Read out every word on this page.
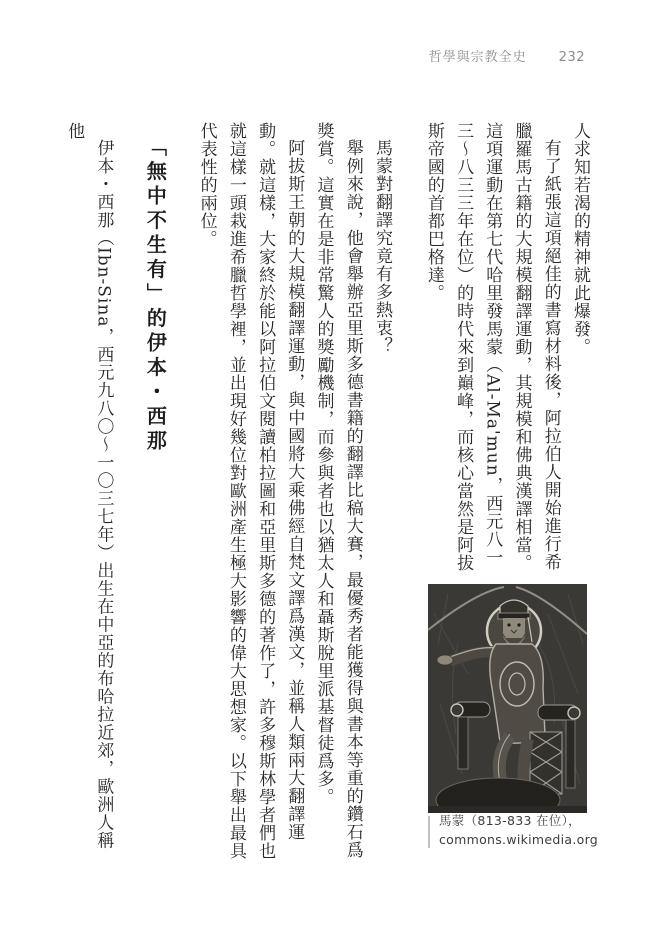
哲學與宗教全史 232

人求知若渴的精神就此爆發。

有了紙張這項絕佳的書寫材料後，阿拉伯人開始進行希臘羅馬古籍的大規模翻譯運動，其規模和佛典漢譯相當。這項運動在第七代哈里發馬蒙（Al-Ma'mun，西元八一三～八三三年在位）的時代來到巔峰，而核心當然是阿拔斯帝國的首都巴格達。

馬蒙對翻譯究竟有多熱衷？

舉例來說，他會舉辦亞里斯多德書籍的翻譯比稿大賽，最優秀者能獲得與書本等重的鑽石爲獎賞。這實在是非常驚人的獎勵機制，而參與者也以猶太人和聶斯脫里派基督徒爲多。

阿拔斯王朝的大規模翻譯運動，與中國將大乘佛經自梵文譯爲漢文，並稱人類兩大翻譯運動。就這樣，大家終於能以阿拉伯文閱讀柏拉圖和亞里斯多德的著作了，許多穆斯林學者們也就這樣一頭栽進希臘哲學裡，並出現好幾位對歐洲產生極大影響的偉大思想家。以下舉出最具代表性的兩位。

「無中不生有」的伊本・西那

伊本・西那（Ibn-Sina，西元九八〇～一〇三七年）出生在中亞的布哈拉近郊，歐洲人稱他

馬蒙（813-833 在位），
commons.wikimedia.org
